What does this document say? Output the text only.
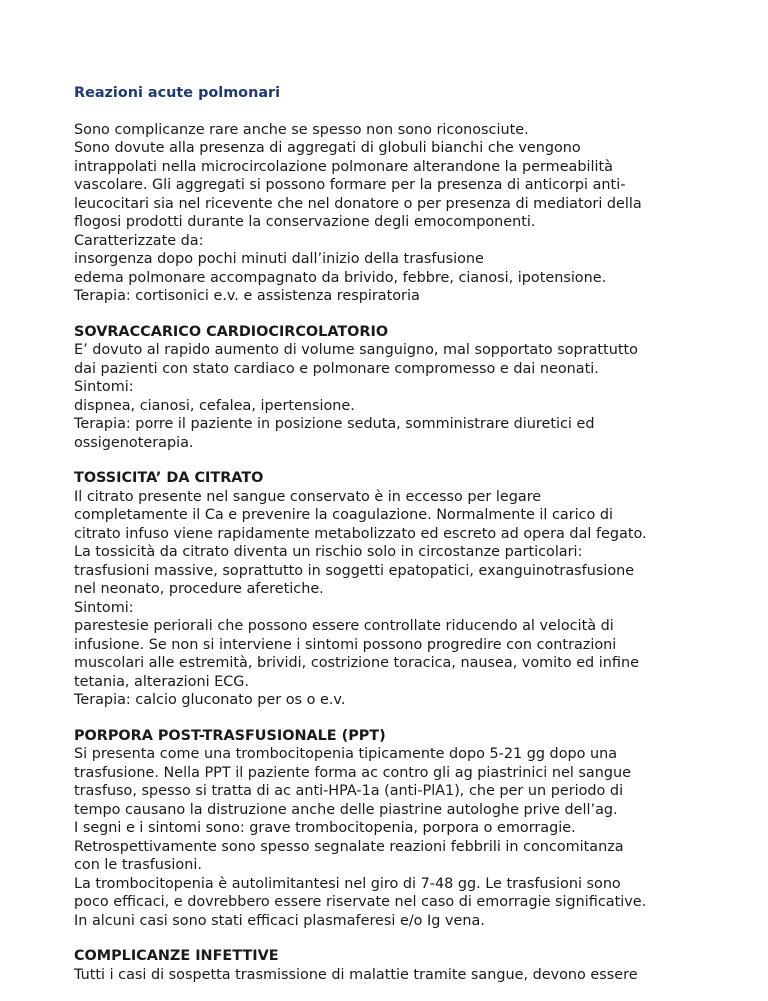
Reazioni acute polmonari

Sono complicanze rare anche se spesso non sono riconosciute.

Sono dovute alla presenza di aggregati di globuli bianchi che vengono

intrappolati nella microcircolazione polmonare alterandone la permeabilità

vascolare. Gli aggregati si possono formare per la presenza di anticorpi anti-

leucocitari sia nel ricevente che nel donatore o per presenza di mediatori della

flogosi prodotti durante la conservazione degli emocomponenti.

Caratterizzate da:

insorgenza dopo pochi minuti dall’inizio della trasfusione

edema polmonare accompagnato da brivido, febbre, cianosi, ipotensione.

Terapia: cortisonici e.v. e assistenza respiratoria

SOVRACCARICO CARDIOCIRCOLATORIO

E’ dovuto al rapido aumento di volume sanguigno, mal sopportato soprattutto

dai pazienti con stato cardiaco e polmonare compromesso e dai neonati.

Sintomi:

dispnea, cianosi, cefalea, ipertensione.

Terapia: porre il paziente in posizione seduta, somministrare diuretici ed

ossigenoterapia.

TOSSICITA’ DA CITRATO

Il citrato presente nel sangue conservato è in eccesso per legare

completamente il Ca e prevenire la coagulazione. Normalmente il carico di

citrato infuso viene rapidamente metabolizzato ed escreto ad opera dal fegato.

La tossicità da citrato diventa un rischio solo in circostanze particolari:

trasfusioni massive, soprattutto in soggetti epatopatici, exanguinotrasfusione

nel neonato, procedure aferetiche.

Sintomi:

parestesie periorali che possono essere controllate riducendo al velocità di

infusione. Se non si interviene i sintomi possono progredire con contrazioni

muscolari alle estremità, brividi, costrizione toracica, nausea, vomito ed infine

tetania, alterazioni ECG.

Terapia: calcio gluconato per os o e.v.

PORPORA POST-TRASFUSIONALE (PPT)

Si presenta come una trombocitopenia tipicamente dopo 5-21 gg dopo una

trasfusione. Nella PPT il paziente forma ac contro gli ag piastrinici nel sangue

trasfuso, spesso si tratta di ac anti-HPA-1a (anti-PlA1), che per un periodo di

tempo causano la distruzione anche delle piastrine autologhe prive dell’ag.

I segni e i sintomi sono: grave trombocitopenia, porpora o emorragie.

Retrospettivamente sono spesso segnalate reazioni febbrili in concomitanza

con le trasfusioni.

La trombocitopenia è autolimitantesi nel giro di 7-48 gg. Le trasfusioni sono

poco efficaci, e dovrebbero essere riservate nel caso di emorragie significative.

In alcuni casi sono stati efficaci plasmaferesi e/o Ig vena.

COMPLICANZE INFETTIVE

Tutti i casi di sospetta trasmissione di malattie tramite sangue, devono essere
